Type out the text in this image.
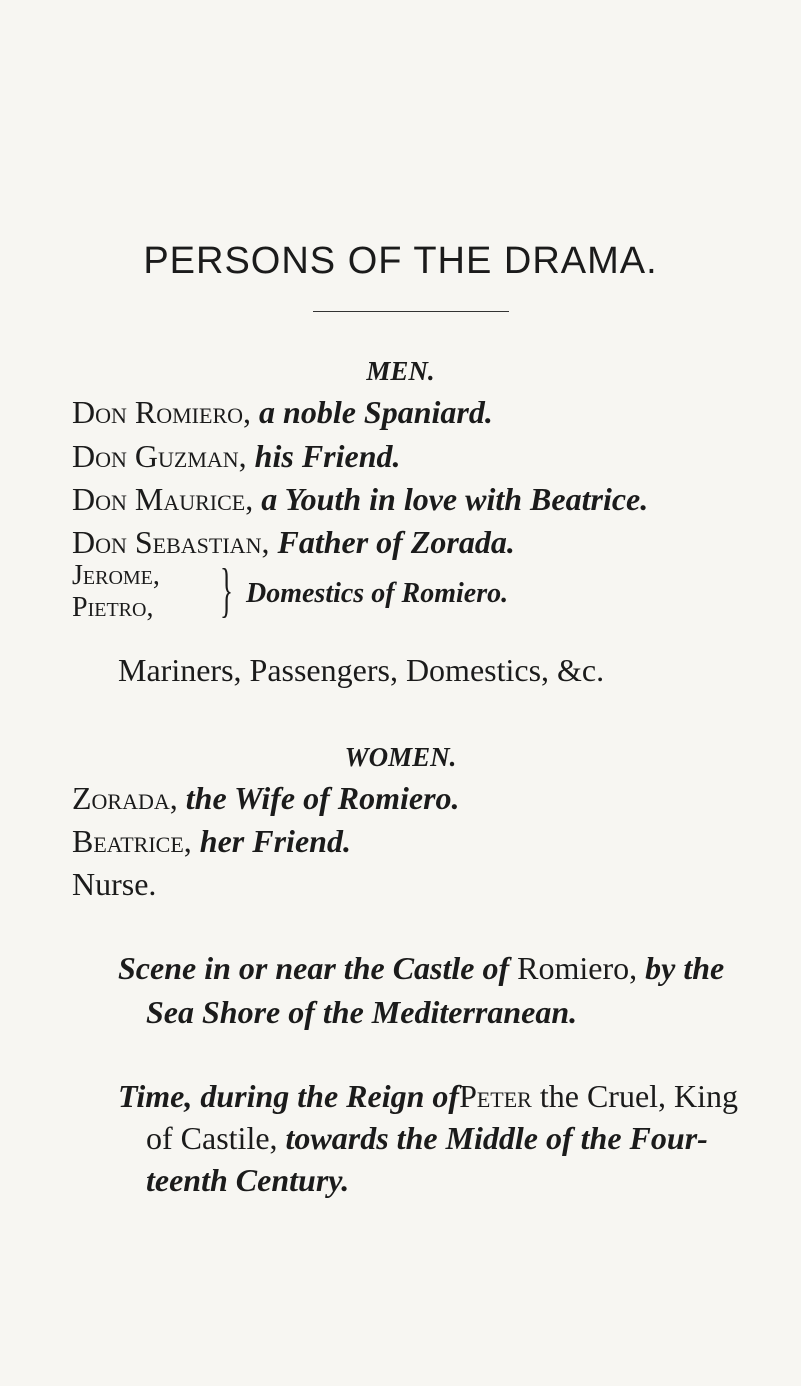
PERSONS OF THE DRAMA.
MEN.
Don Romiero, a noble Spaniard.
Don Guzman, his Friend.
Don Maurice, a Youth in love with Beatrice.
Don Sebastian, Father of Zorada.
Jerome,
Pietro, } Domestics of Romiero.
Mariners, Passengers, Domestics, &c.
WOMEN.
Zorada, the Wife of Romiero.
Beatrice, her Friend.
Nurse.
Scene in or near the Castle of Romiero, by the
Sea Shore of the Mediterranean.
Time, during the Reign ofPeter the Cruel, King
of Castile, towards the Middle of the Four-
teenth Century.
